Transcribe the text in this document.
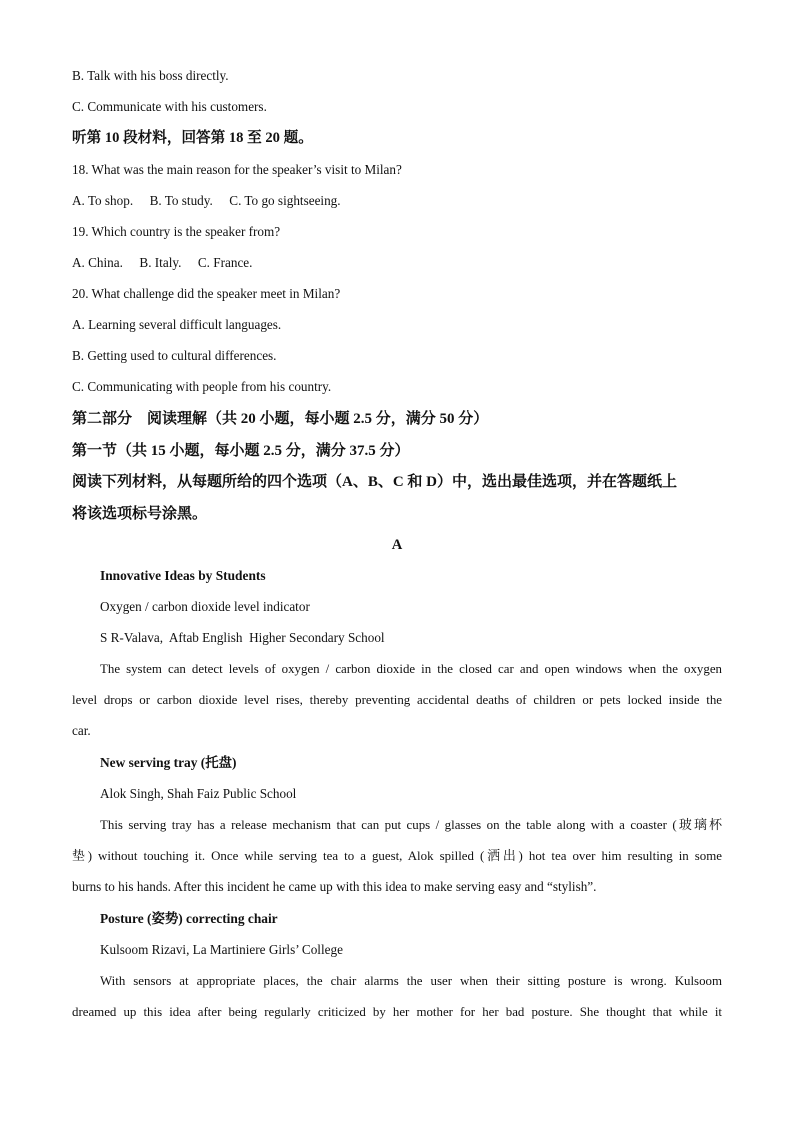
B. Talk with his boss directly.
C. Communicate with his customers.
听第 10 段材料，回答第 18 至 20 题。
18. What was the main reason for the speaker’s visit to Milan?
A. To shop.     B. To study.     C. To go sightseeing.
19. Which country is the speaker from?
A. China.     B. Italy.     C. France.
20. What challenge did the speaker meet in Milan?
A. Learning several difficult languages.
B. Getting used to cultural differences.
C. Communicating with people from his country.
第二部分　阅读理解（共 20 小题，每小题 2.5 分，满分 50 分）
第一节（共 15 小题，每小题 2.5 分，满分 37.5 分）
阅读下列材料，从每题所给的四个选项（A、B、C 和 D）中，选出最佳选项，并在答题纸上
将该选项标号涂黑。
A
Innovative Ideas by Students
Oxygen / carbon dioxide level indicator
S R-Valava,  Aftab English  Higher Secondary School
The system can detect levels of oxygen / carbon dioxide in the closed car and open windows when the oxygen
level drops or carbon dioxide level rises, thereby preventing accidental deaths of children or pets locked inside the
car.
New serving tray (托盘)
Alok Singh, Shah Faiz Public School
This serving tray has a release mechanism that can put cups / glasses on the table along with a coaster (玻璃杯
垫) without touching it. Once while serving tea to a guest, Alok spilled (洒出) hot tea over him resulting in some
burns to his hands. After this incident he came up with this idea to make serving easy and “stylish”.
Posture (姿势) correcting chair
Kulsoom Rizavi, La Martiniere Girls’ College
With sensors at appropriate places, the chair alarms the user when their sitting posture is wrong. Kulsoom
dreamed up this idea after being regularly criticized by her mother for her bad posture. She thought that while it
